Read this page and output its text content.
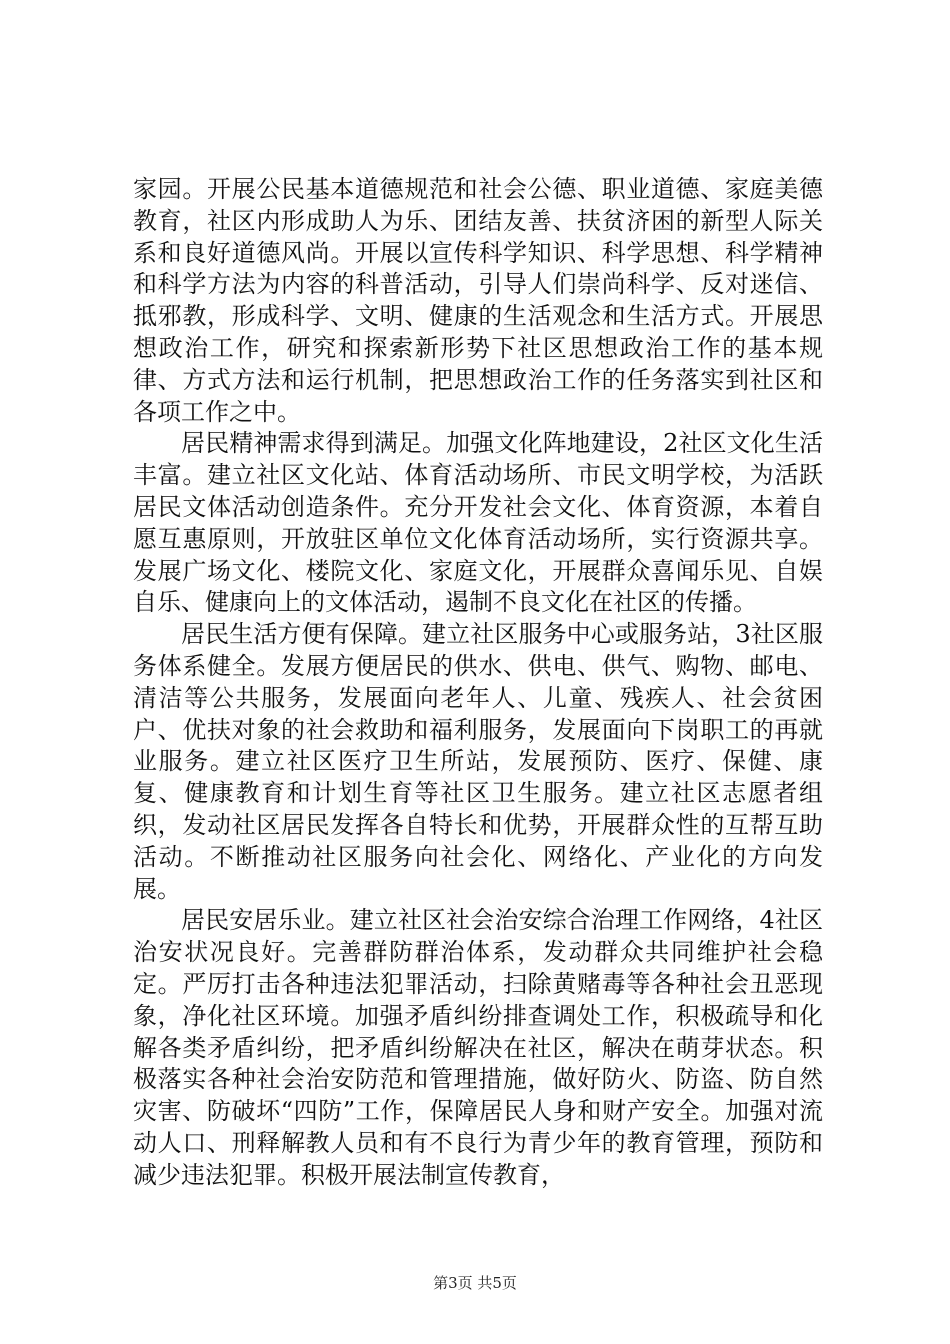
家园。开展公民基本道德规范和社会公德、职业道德、家庭美德教育，社区内形成助人为乐、团结友善、扶贫济困的新型人际关系和良好道德风尚。开展以宣传科学知识、科学思想、科学精神和科学方法为内容的科普活动，引导人们崇尚科学、反对迷信、抵邪教，形成科学、文明、健康的生活观念和生活方式。开展思想政治工作，研究和探索新形势下社区思想政治工作的基本规律、方式方法和运行机制，把思想政治工作的任务落实到社区和各项工作之中。

居民精神需求得到满足。加强文化阵地建设，2社区文化生活丰富。建立社区文化站、体育活动场所、市民文明学校，为活跃居民文体活动创造条件。充分开发社会文化、体育资源，本着自愿互惠原则，开放驻区单位文化体育活动场所，实行资源共享。发展广场文化、楼院文化、家庭文化，开展群众喜闻乐见、自娱自乐、健康向上的文体活动，遏制不良文化在社区的传播。

居民生活方便有保障。建立社区服务中心或服务站，3社区服务体系健全。发展方便居民的供水、供电、供气、购物、邮电、清洁等公共服务，发展面向老年人、儿童、残疾人、社会贫困户、优扶对象的社会救助和福利服务，发展面向下岗职工的再就业服务。建立社区医疗卫生所站，发展预防、医疗、保健、康复、健康教育和计划生育等社区卫生服务。建立社区志愿者组织，发动社区居民发挥各自特长和优势，开展群众性的互帮互助活动。不断推动社区服务向社会化、网络化、产业化的方向发展。

居民安居乐业。建立社区社会治安综合治理工作网络，4社区治安状况良好。完善群防群治体系，发动群众共同维护社会稳定。严厉打击各种违法犯罪活动，扫除黄赌毒等各种社会丑恶现象，净化社区环境。加强矛盾纠纷排查调处工作，积极疏导和化解各类矛盾纠纷，把矛盾纠纷解决在社区，解决在萌芽状态。积极落实各种社会治安防范和管理措施，做好防火、防盗、防自然灾害、防破坏“四防”工作，保障居民人身和财产安全。加强对流动人口、刑释解教人员和有不良行为青少年的教育管理，预防和减少违法犯罪。积极开展法制宣传教育，

第3页 共5页
